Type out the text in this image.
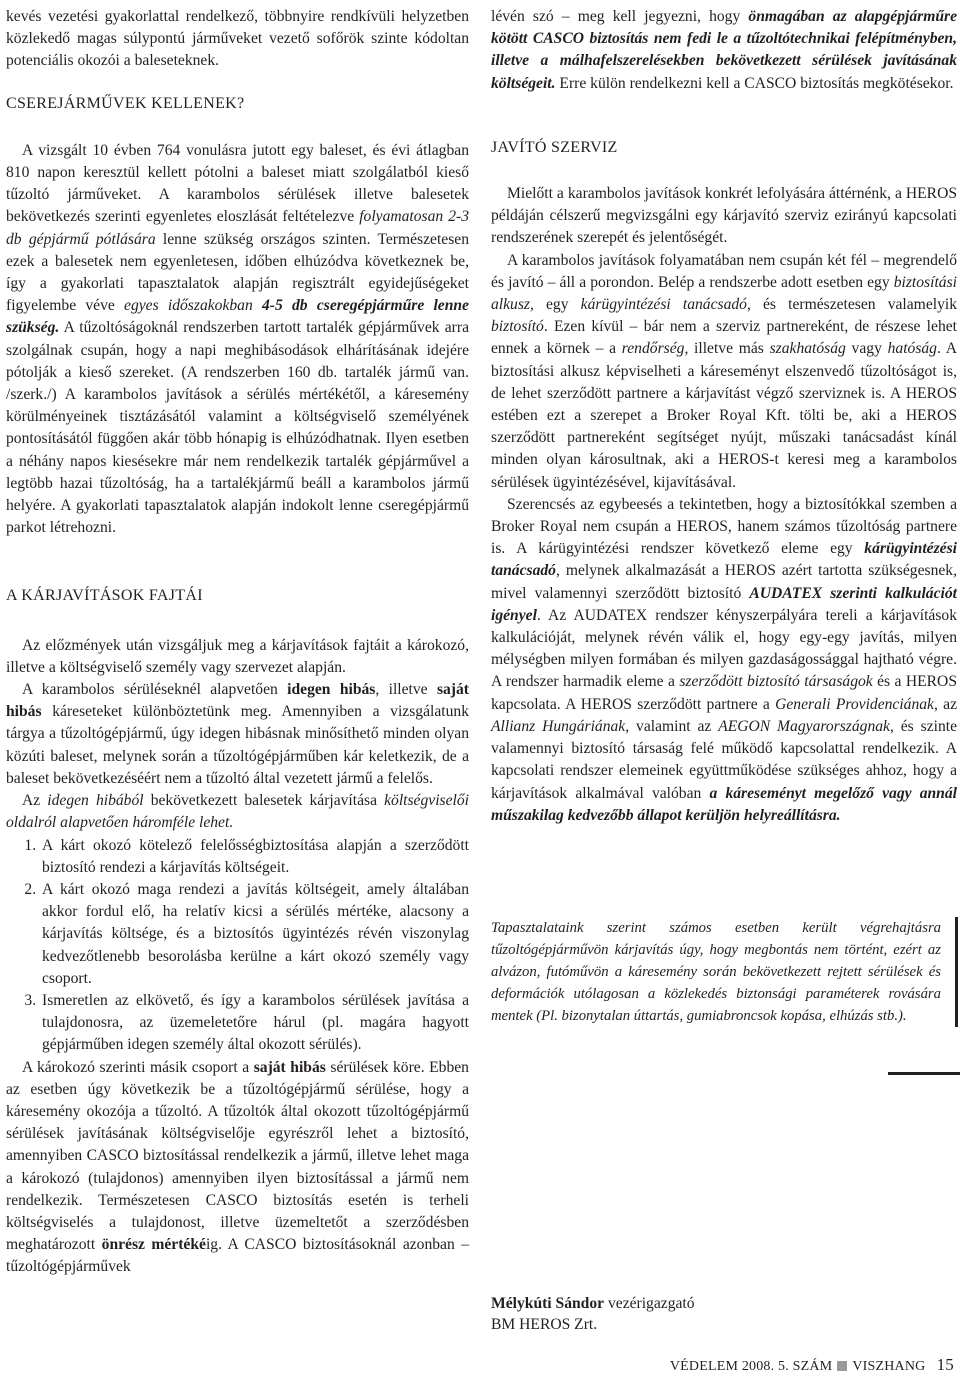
kevés vezetési gyakorlattal rendelkező, többnyire rendkívüli helyzetben közlekedő magas súlypontú járműveket vezető sofőrök szinte kódoltan potenciális okozói a baleseteknek.

CSEREJÁRMŰVEK KELLENEK?

A vizsgált 10 évben 764 vonulásra jutott egy baleset, és évi átlagban 810 napon keresztül kellett pótolni a baleset miatt szolgálatból kieső tűzoltó járműveket. A karambolos sérülések illetve balesetek bekövetkezés szerinti egyenletes eloszlását feltételezve folyamatosan 2-3 db gépjármű pótlására lenne szükség országos szinten. Természetesen ezek a balesetek nem egyenletesen, időben elhúzódva következnek be, így a gyakorlati tapasztalatok alapján regisztrált egyidejűségeket figyelembe véve egyes időszakokban 4-5 db cseregépjárműre lenne szükség. A tűzoltóságoknál rendszerben tartott tartalék gépjárművek arra szolgálnak csupán, hogy a napi meghibásodások elhárításának idejére pótolják a kieső szereket. (A rendszerben 160 db. tartalék jármű van. /szerk./) A karambolos javítások a sérülés mértékétől, a káresemény körülményeinek tisztázásától valamint a költségviselő személyének pontosításától függően akár több hónapig is elhúzódhatnak. Ilyen esetben a néhány napos kiesésekre már nem rendelkezik tartalék gépjárművel a legtöbb hazai tűzoltóság, ha a tartalékjármű beáll a karambolos jármű helyére. A gyakorlati tapasztalatok alapján indokolt lenne cseregépjármű parkot létrehozni.

A KÁRJAVÍTÁSOK FAJTÁI

Az előzmények után vizsgáljuk meg a kárjavítások fajtáit a károkozó, illetve a költségviselő személy vagy szervezet alapján.

A karambolos sérüléseknél alapvetően idegen hibás, illetve saját hibás káreseteket különböztetünk meg. Amennyiben a vizsgálatunk tárgya a tűzoltógépjármű, úgy idegen hibásnak minősíthető minden olyan közúti baleset, melynek során a tűzoltógépjárműben kár keletkezik, de a baleset bekövetkezéséért nem a tűzoltó által vezetett jármű a felelős.

Az idegen hibából bekövetkezett balesetek kárjavítása költségviselői oldalról alapvetően háromféle lehet.

1. A kárt okozó kötelező felelősségbiztosítása alapján a szerződött biztosító rendezi a kárjavítás költségeit.
2. A kárt okozó maga rendezi a javítás költségeit, amely általában akkor fordul elő, ha relatív kicsi a sérülés mértéke, alacsony a kárjavítás költsége, és a biztosítós ügyintézés révén viszonylag kedvezőtlenebb besorolásba kerülne a kárt okozó személy vagy csoport.
3. Ismeretlen az elkövető, és így a karambolos sérülések javítása a tulajdonosra, az üzemeletetőre hárul (pl. magára hagyott gépjárműben idegen személy által okozott sérülés).

A károkozó szerinti másik csoport a saját hibás sérülések köre. Ebben az esetben úgy következik be a tűzoltógépjármű sérülése, hogy a káresemény okozója a tűzoltó. A tűzoltók által okozott tűzoltógépjármű sérülések javításának költségviselője egyrészről lehet a biztosító, amennyiben CASCO biztosítással rendelkezik a jármű, illetve lehet maga a károkozó (tulajdonos) amennyiben ilyen biztosítással a jármű nem rendelkezik. Természetesen CASCO biztosítás esetén is terheli költségviselés a tulajdonost, illetve üzemeltetőt a szerződésben meghatározott önrész mértékéig. A CASCO biztosításoknál azonban – tűzoltógépjárművek

lévén szó – meg kell jegyezni, hogy önmagában az alapgépjárműre kötött CASCO biztosítás nem fedi le a tűzoltótechnikai felépítményben, illetve a málhafelszerelésekben bekövetkezett sérülések javításának költségeit. Erre külön rendelkezni kell a CASCO biztosítás megkötésekor.

JAVÍTÓ SZERVIZ

Mielőtt a karambolos javítások konkrét lefolyására áttérnénk, a HEROS példáján célszerű megvizsgálni egy kárjavító szerviz ezirányú kapcsolati rendszerének szerepét és jelentőségét.

A karambolos javítások folyamatában nem csupán két fél – megrendelő és javító – áll a porondon. Belép a rendszerbe adott esetben egy biztosítási alkusz, egy kárügyintézési tanácsadó, és természetesen valamelyik biztosító. Ezen kívül – bár nem a szerviz partnereként, de részese lehet ennek a körnek – a rendőrség, illetve más szakhatóság vagy hatóság. A biztosítási alkusz képviselheti a káreseményt elszenvedő tűzoltóságot is, de lehet szerződött partnere a kárjavítást végző szerviznek is. A HEROS estében ezt a szerepet a Broker Royal Kft. tölti be, aki a HEROS szerződött partnereként segítséget nyújt, műszaki tanácsadást kínál minden olyan károsultnak, aki a HEROS-t keresi meg a karambolos sérülések ügyintézésével, kijavításával.

Szerencsés az egybeesés a tekintetben, hogy a biztosítókkal szemben a Broker Royal nem csupán a HEROS, hanem számos tűzoltóság partnere is. A kárügyintézési rendszer következő eleme egy kárügyintézési tanácsadó, melynek alkalmazását a HEROS azért tartotta szükségesnek, mivel valamennyi szerződött biztosító AUDATEX szerinti kalkulációt igényel. Az AUDATEX rendszer kényszerpályára tereli a kárjavítások kalkulációját, melynek révén válik el, hogy egy-egy javítás, milyen mélységben milyen formában és milyen gazdaságossággal hajtható végre. A rendszer harmadik eleme a szerződött biztosító társaságok és a HEROS kapcsolata. A HEROS szerződött partnere a Generali Providenciának, az Allianz Hungáriának, valamint az AEGON Magyarországnak, és szinte valamennyi biztosító társaság felé működő kapcsolattal rendelkezik. A kapcsolati rendszer elemeinek együttműködése szükséges ahhoz, hogy a kárjavítások alkalmával valóban a káreseményt megelőző vagy annál műszakilag kedvezőbb állapot kerüljön helyreállításra.

Tapasztalataink szerint számos esetben került végrehajtásra tűzoltógépjárművön kárjavítás úgy, hogy megbontás nem történt, ezért az alvázon, futóművön a káresemény során bekövetkezett rejtett sérülések és deformációk utólagosan a közlekedés biztonsági paraméterek rovására mentek (Pl. bizonytalan úttartás, gumiabroncsok kopása, elhúzás stb.).
Mélykúti Sándor vezérigazgató
BM HEROS Zrt.
VÉDELEM 2008. 5. SZÁM VISZHANG 15
